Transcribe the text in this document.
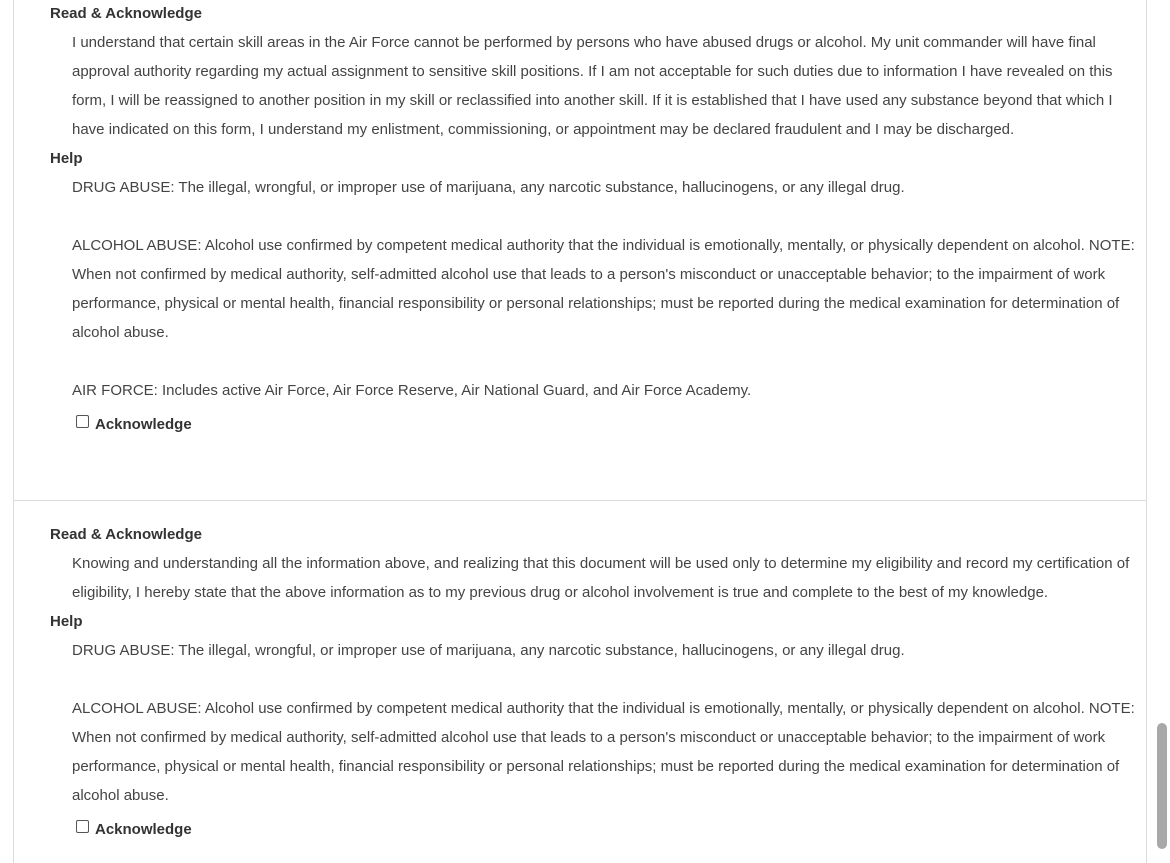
Read & Acknowledge
I understand that certain skill areas in the Air Force cannot be performed by persons who have abused drugs or alcohol. My unit commander will have final approval authority regarding my actual assignment to sensitive skill positions. If I am not acceptable for such duties due to information I have revealed on this form, I will be reassigned to another position in my skill or reclassified into another skill. If it is established that I have used any substance beyond that which I have indicated on this form, I understand my enlistment, commissioning, or appointment may be declared fraudulent and I may be discharged.
Help
DRUG ABUSE: The illegal, wrongful, or improper use of marijuana, any narcotic substance, hallucinogens, or any illegal drug.
ALCOHOL ABUSE: Alcohol use confirmed by competent medical authority that the individual is emotionally, mentally, or physically dependent on alcohol. NOTE: When not confirmed by medical authority, self-admitted alcohol use that leads to a person's misconduct or unacceptable behavior; to the impairment of work performance, physical or mental health, financial responsibility or personal relationships; must be reported during the medical examination for determination of alcohol abuse.
AIR FORCE: Includes active Air Force, Air Force Reserve, Air National Guard, and Air Force Academy.
Acknowledge
Read & Acknowledge
Knowing and understanding all the information above, and realizing that this document will be used only to determine my eligibility and record my certification of eligibility, I hereby state that the above information as to my previous drug or alcohol involvement is true and complete to the best of my knowledge.
Help
DRUG ABUSE: The illegal, wrongful, or improper use of marijuana, any narcotic substance, hallucinogens, or any illegal drug.
ALCOHOL ABUSE: Alcohol use confirmed by competent medical authority that the individual is emotionally, mentally, or physically dependent on alcohol. NOTE: When not confirmed by medical authority, self-admitted alcohol use that leads to a person's misconduct or unacceptable behavior; to the impairment of work performance, physical or mental health, financial responsibility or personal relationships; must be reported during the medical examination for determination of alcohol abuse.
Acknowledge
